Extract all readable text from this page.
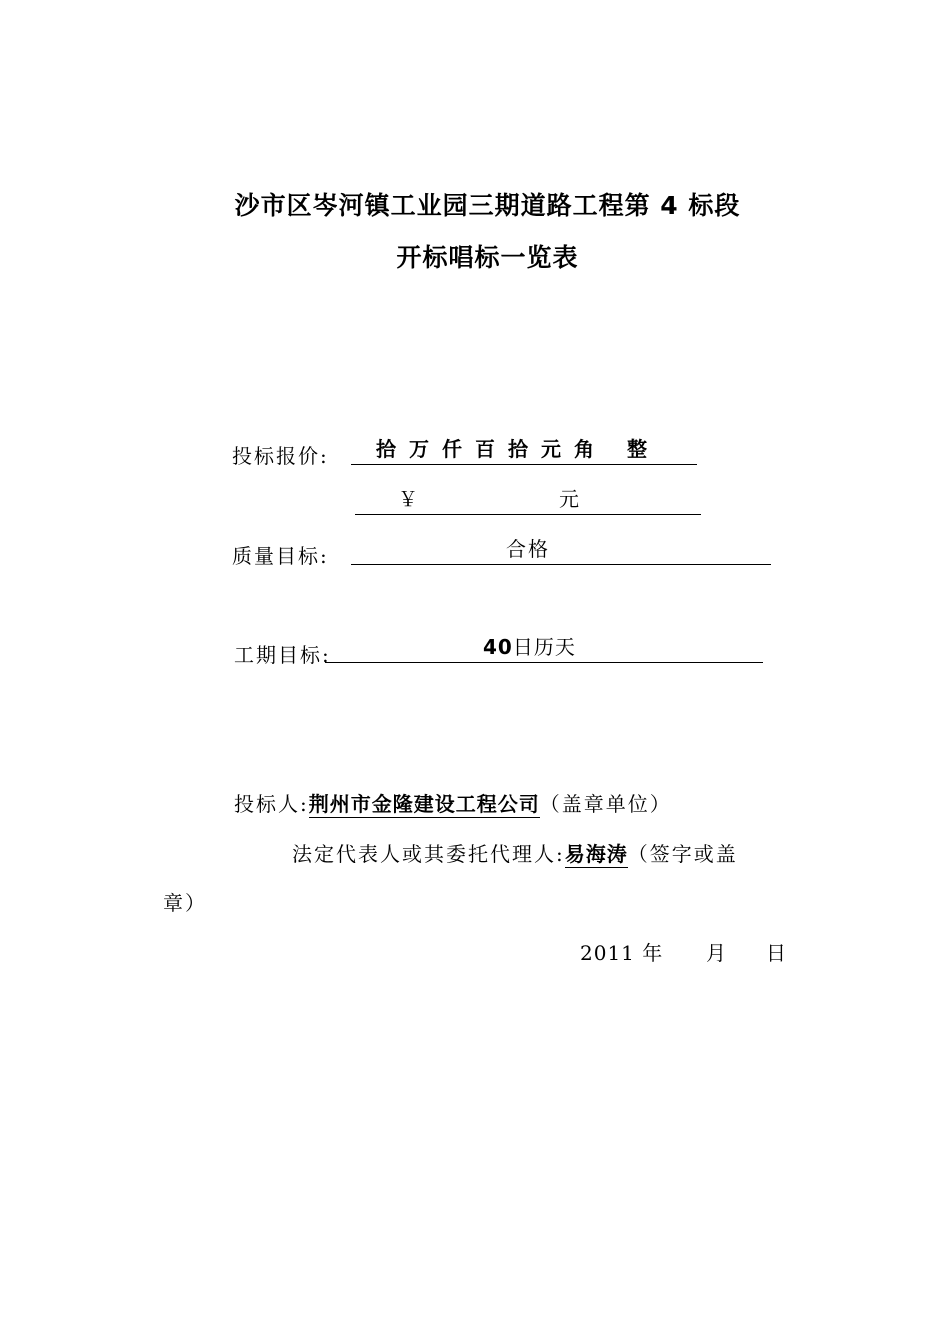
沙市区岑河镇工业园三期道路工程第 4 标段
开标唱标一览表
投标报价: 拾万仟百拾元角 整
￥	元
质量目标:	合格
工期目标:	40日历天
投标人:荆州市金隆建设工程公司（盖章单位）
法定代表人或其委托代理人:易海涛（签字或盖
章）
2011 年 月 日
